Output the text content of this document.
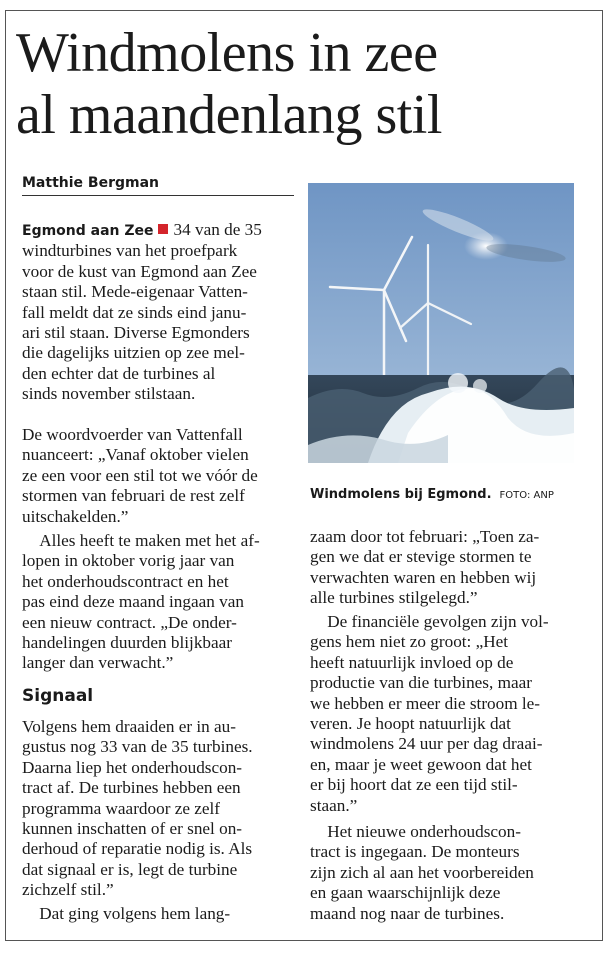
Windmolens in zee
al maandenlang stil
Matthie Bergman
Egmond aan Zee 34 van de 35
windturbines van het proefpark
voor de kust van Egmond aan Zee
staan stil. Mede-eigenaar Vatten-
fall meldt dat ze sinds eind janu-
ari stil staan. Diverse Egmonders
die dagelijks uitzien op zee mel-
den echter dat de turbines al
sinds november stilstaan.
De woordvoerder van Vattenfall
nuanceert: „Vanaf oktober vielen
ze een voor een stil tot we vóór de
stormen van februari de rest zelf
uitschakelden.”
Alles heeft te maken met het af-
lopen in oktober vorig jaar van
het onderhoudscontract en het
pas eind deze maand ingaan van
een nieuw contract. „De onder-
handelingen duurden blijkbaar
langer dan verwacht.”
Signaal
Volgens hem draaiden er in au-
gustus nog 33 van de 35 turbines.
Daarna liep het onderhoudscon-
tract af. De turbines hebben een
programma waardoor ze zelf
kunnen inschatten of er snel on-
derhoud of reparatie nodig is. Als
dat signaal er is, legt de turbine
zichzelf stil.”
Dat ging volgens hem lang-
Windmolens bij Egmond. FOTO: ANP
zaam door tot februari: „Toen za-
gen we dat er stevige stormen te
verwachten waren en hebben wij
alle turbines stilgelegd.”
De financiële gevolgen zijn vol-
gens hem niet zo groot: „Het
heeft natuurlijk invloed op de
productie van die turbines, maar
we hebben er meer die stroom le-
veren. Je hoopt natuurlijk dat
windmolens 24 uur per dag draai-
en, maar je weet gewoon dat het
er bij hoort dat ze een tijd stil-
staan.”
Het nieuwe onderhoudscon-
tract is ingegaan. De monteurs
zijn zich al aan het voorbereiden
en gaan waarschijnlijk deze
maand nog naar de turbines.
